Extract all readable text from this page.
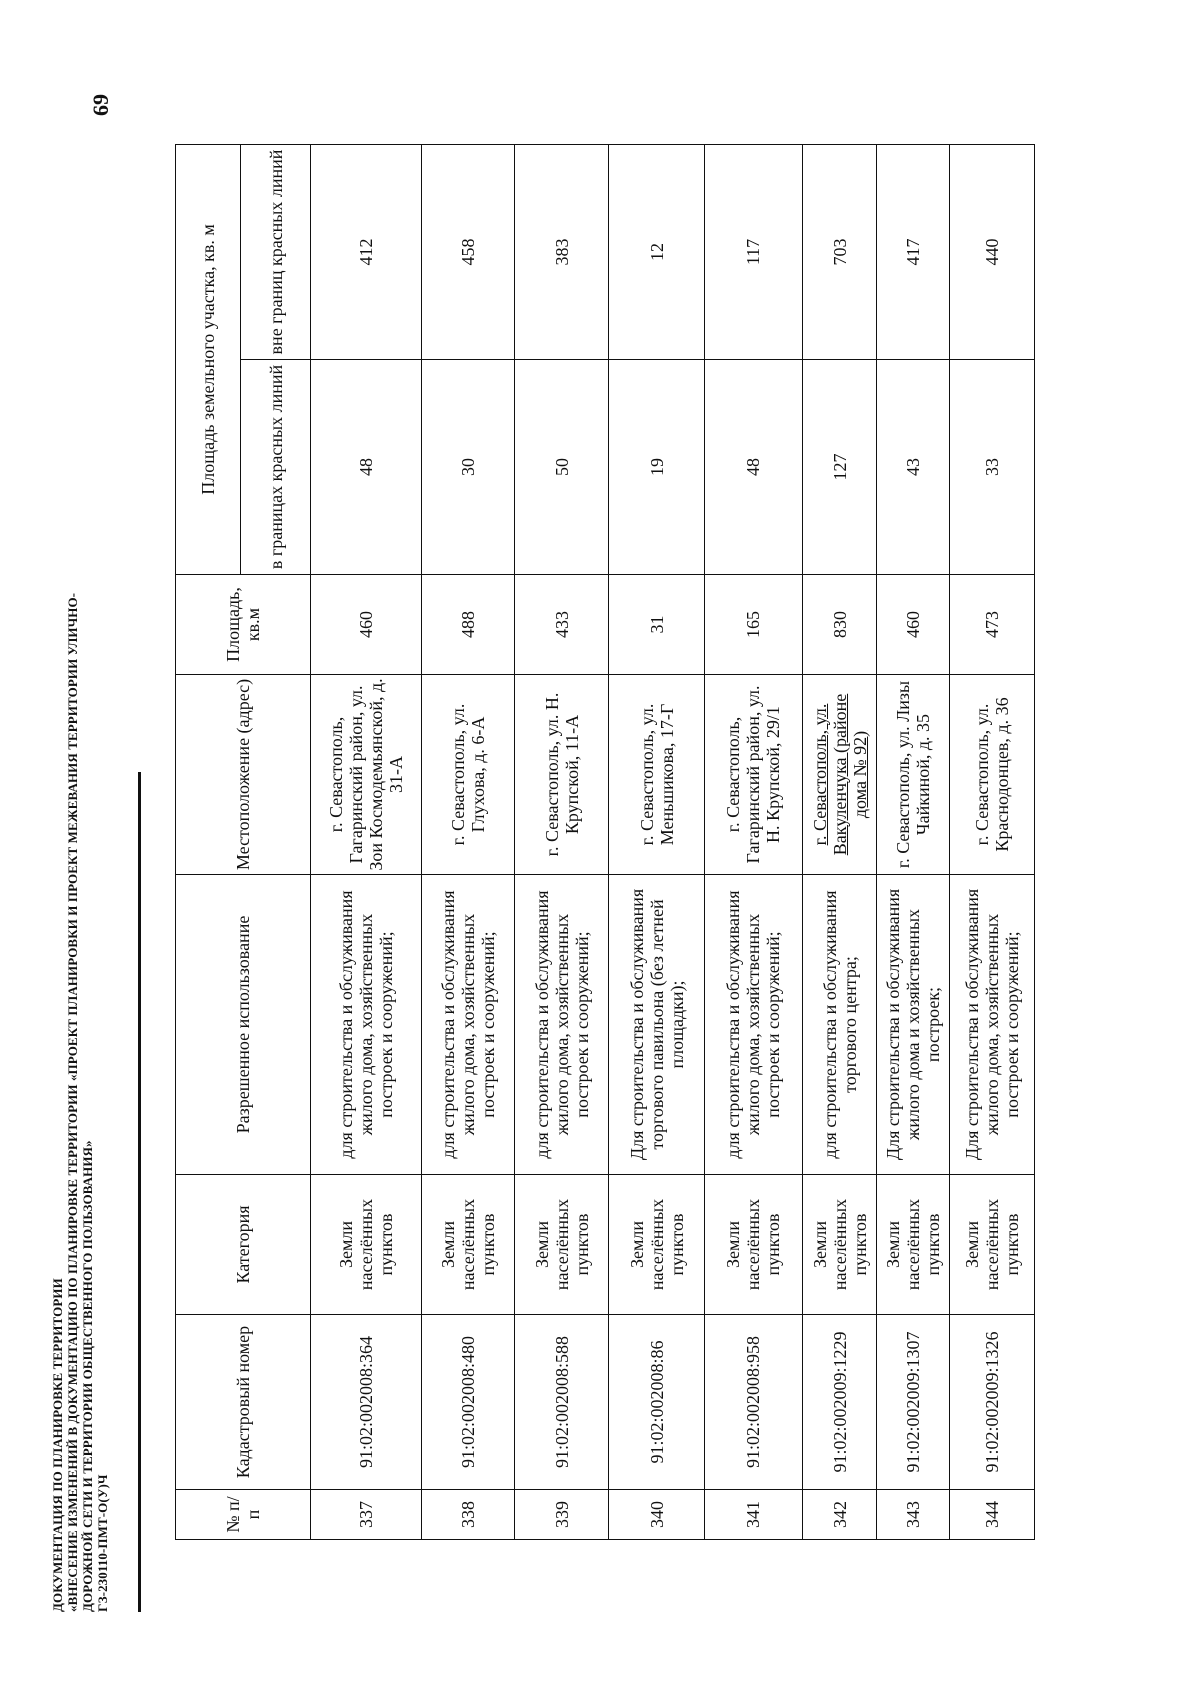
ДОКУМЕНТАЦИЯ ПО ПЛАНИРОВКЕ ТЕРРИТОРИИ «ВНЕСЕНИЕ ИЗМЕНЕНИЙ В ДОКУМЕНТАЦИЮ ПО ПЛАНИРОВКЕ ТЕРРИТОРИИ «ПРОЕКТ ПЛАНИРОВКИ И ПРОЕКТ МЕЖЕВАНИЯ ТЕРРИТОРИИ УЛИЧНО- ДОРОЖНОЙ СЕТИ И ТЕРРИТОРИИ ОБЩЕСТВЕННОГО ПОЛЬЗОВАНИЯ» ГЗ-230110-ПМТ-О(У)Ч
69
№ п/п	Кадастровый номер	Категория	Разрешенное использование	Местоположение (адрес)	Площадь, кв.м	Площадь земельного участка, кв. м	
						в границах красных линий	вне границ красных линий
337	91:02:002008:364	Земли населённых пунктов	для строительства и обслуживания жилого дома, хозяйственных построек и сооружений;	г. Севастополь, Гагаринский район, ул. Зои Космодемьянской, д. 31-А	460	48	412
338	91:02:002008:480	Земли населённых пунктов	для строительства и обслуживания жилого дома, хозяйственных построек и сооружений;	г. Севастополь, ул. Глухова, д. 6-А	488	30	458
339	91:02:002008:588	Земли населённых пунктов	для строительства и обслуживания жилого дома, хозяйственных построек и сооружений;	г. Севастополь, ул. Н. Крупской, 11-А	433	50	383
340	91:02:002008:86	Земли населённых пунктов	Для строительства и обслуживания торгового павильона (без летней площадки);	г. Севастополь, ул. Меньшикова, 17-Г	31	19	12
341	91:02:002008:958	Земли населённых пунктов	для строительства и обслуживания жилого дома, хозяйственных построек и сооружений;	г. Севастополь, Гагаринский район, ул. Н. Крупской, 29/1	165	48	117
342	91:02:002009:1229	Земли населённых пунктов	для строительства и обслуживания торгового центра;	г. Севастополь, ул. Вакуленчука (районе дома № 92)	830	127	703
343	91:02:002009:1307	Земли населённых пунктов	Для строительства и обслуживания жилого дома и хозяйственных построек;	г. Севастополь, ул. Лизы Чайкиной, д. 35	460	43	417
344	91:02:002009:1326	Земли населённых пунктов	Для строительства и обслуживания жилого дома, хозяйственных построек и сооружений;	г. Севастополь, ул. Краснодонцев, д. 36	473	33	440
